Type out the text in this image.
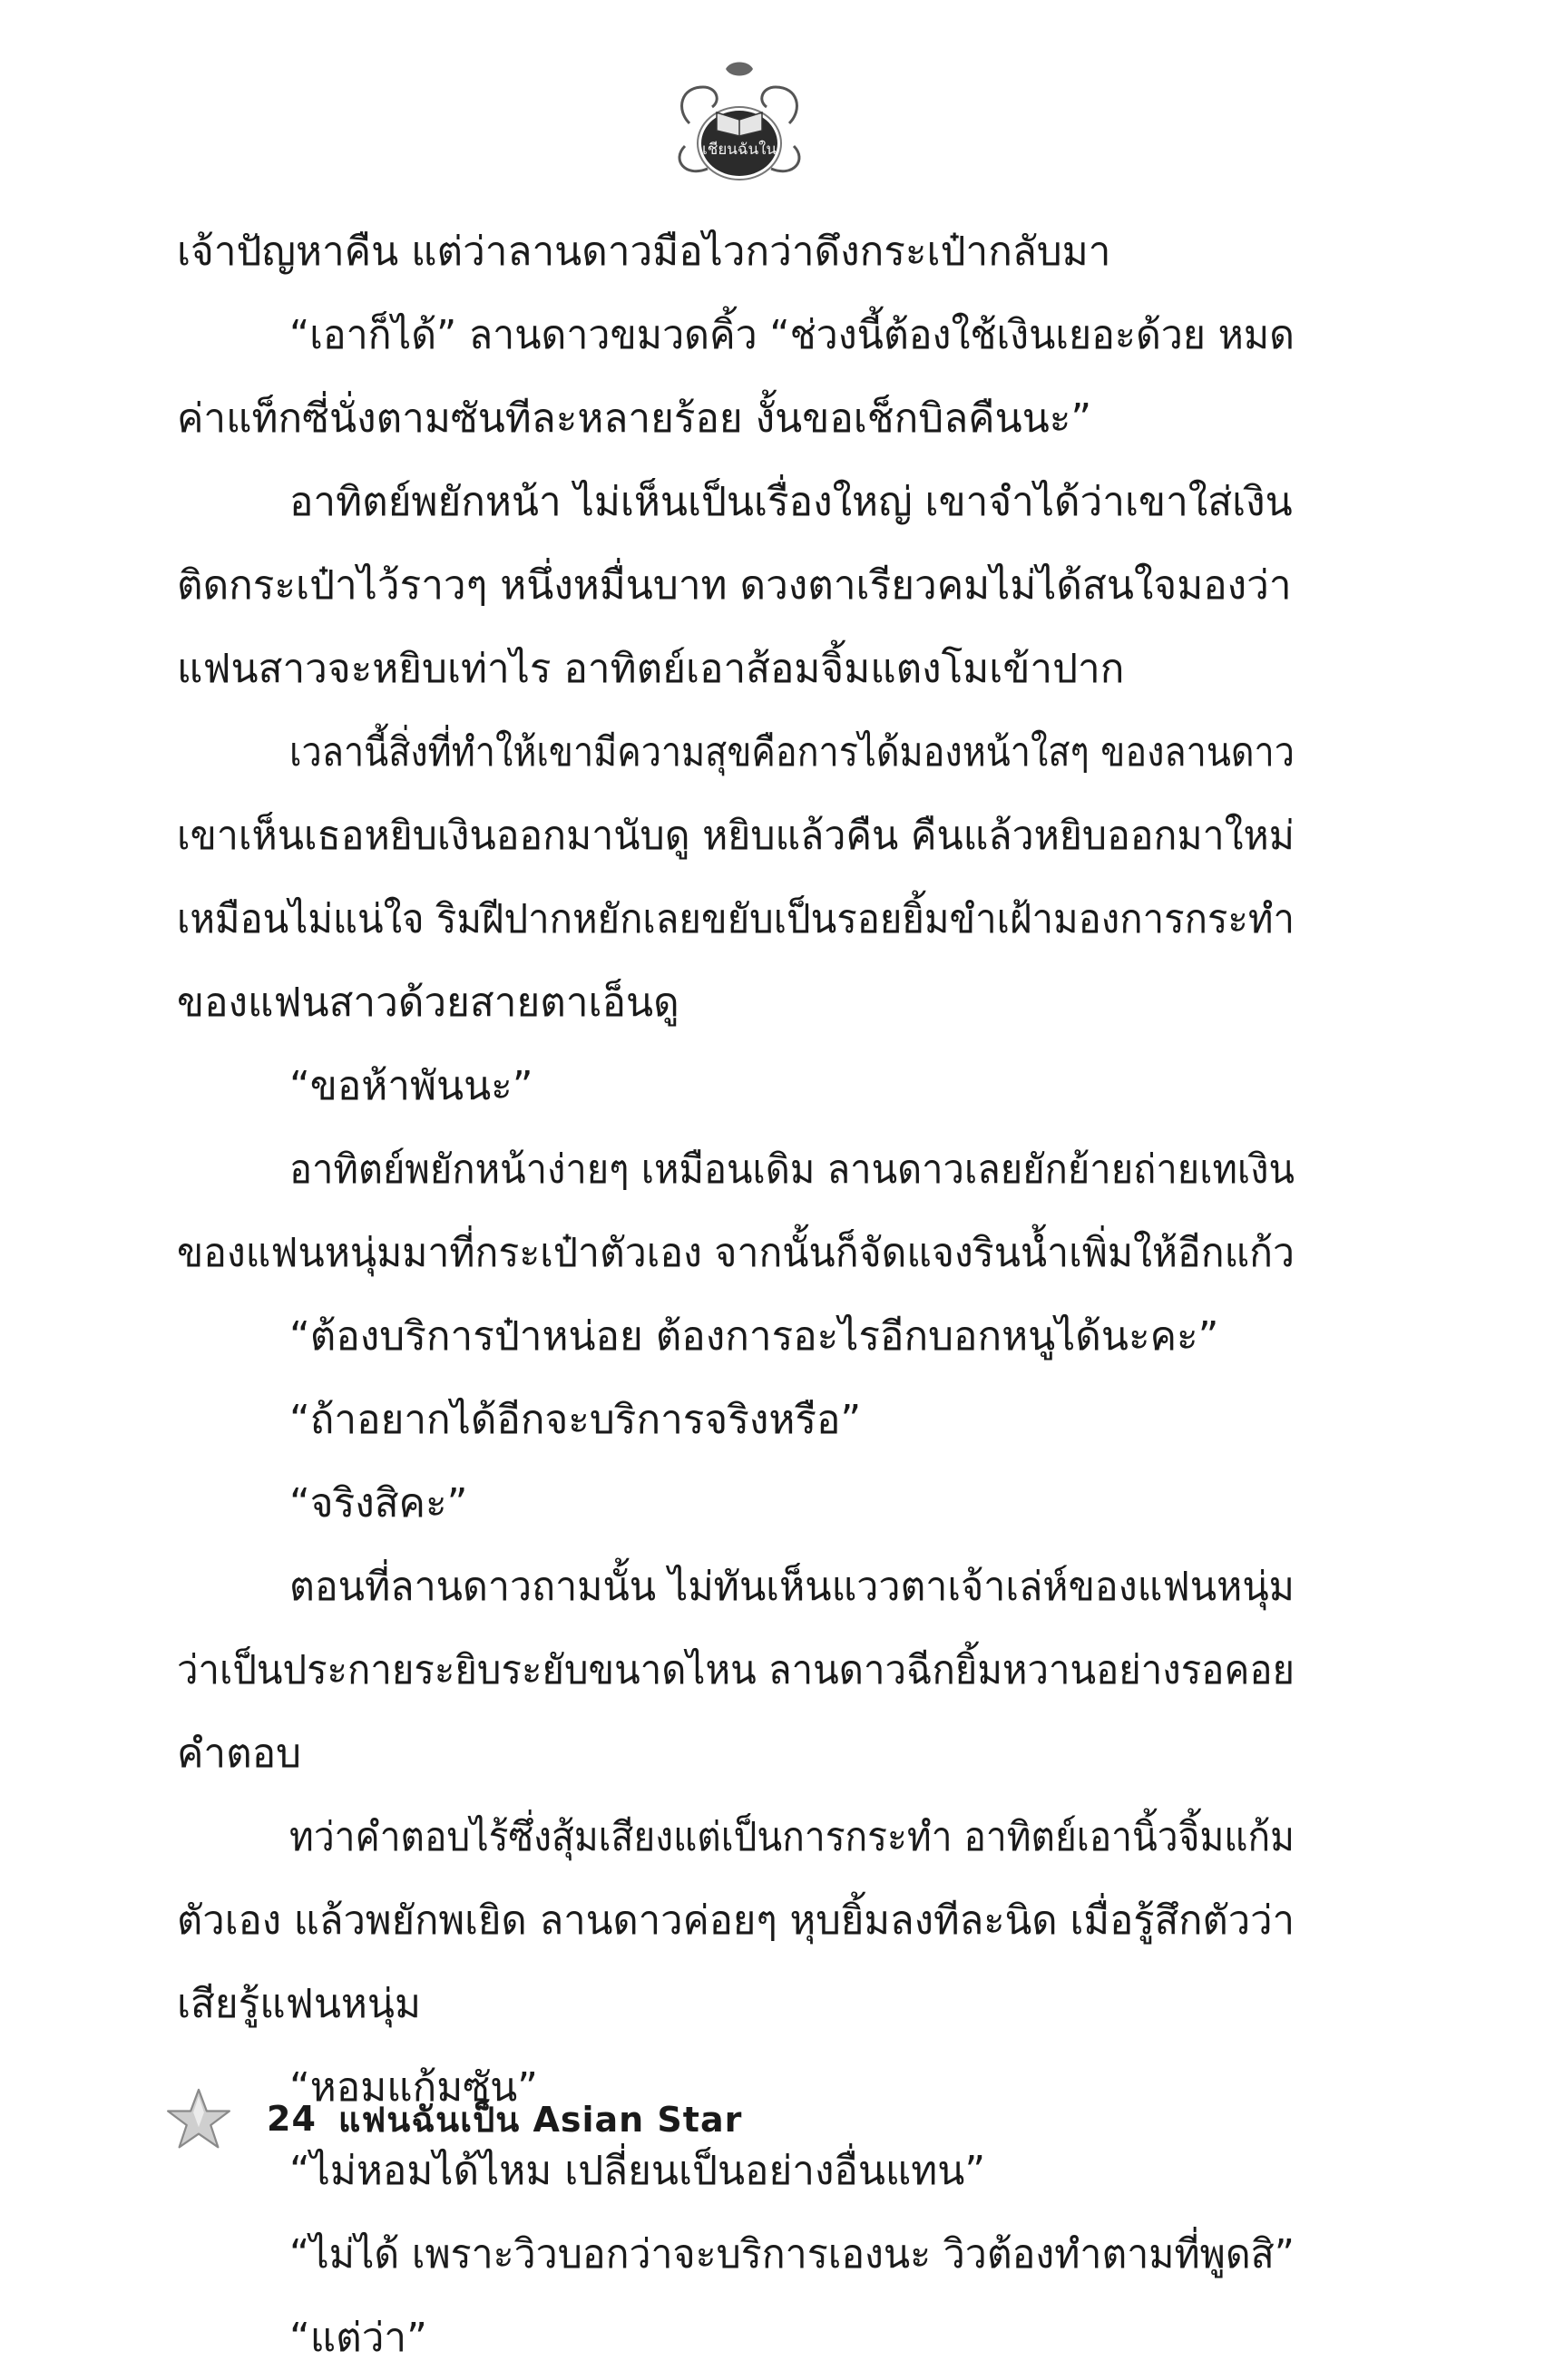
เชียนฉันใน
เจ้าปัญหาคืน แต่ว่าลานดาวมือไวกว่าดึงกระเป๋ากลับมา
“เอาก็ได้” ลานดาวขมวดคิ้ว “ช่วงนี้ต้องใช้เงินเยอะด้วย หมด
ค่าแท็กซี่นั่งตามซันทีละหลายร้อย งั้นขอเช็กบิลคืนนะ”
อาทิตย์พยักหน้า ไม่เห็นเป็นเรื่องใหญ่ เขาจำได้ว่าเขาใส่เงิน
ติดกระเป๋าไว้ราวๆ หนึ่งหมื่นบาท ดวงตาเรียวคมไม่ได้สนใจมองว่า
แฟนสาวจะหยิบเท่าไร อาทิตย์เอาส้อมจิ้มแตงโมเข้าปาก
เวลานี้สิ่งที่ทำให้เขามีความสุขคือการได้มองหน้าใสๆ ของลานดาว
เขาเห็นเธอหยิบเงินออกมานับดู หยิบแล้วคืน คืนแล้วหยิบออกมาใหม่
เหมือนไม่แน่ใจ ริมฝีปากหยักเลยขยับเป็นรอยยิ้มขำเฝ้ามองการกระทำ
ของแฟนสาวด้วยสายตาเอ็นดู
“ขอห้าพันนะ”
อาทิตย์พยักหน้าง่ายๆ เหมือนเดิม ลานดาวเลยยักย้ายถ่ายเทเงิน
ของแฟนหนุ่มมาที่กระเป๋าตัวเอง จากนั้นก็จัดแจงรินน้ำเพิ่มให้อีกแก้ว
“ต้องบริการป๋าหน่อย ต้องการอะไรอีกบอกหนูได้นะคะ”
“ถ้าอยากได้อีกจะบริการจริงหรือ”
“จริงสิคะ”
ตอนที่ลานดาวถามนั้น ไม่ทันเห็นแววตาเจ้าเล่ห์ของแฟนหนุ่ม
ว่าเป็นประกายระยิบระยับขนาดไหน ลานดาวฉีกยิ้มหวานอย่างรอคอย
คำตอบ
ทว่าคำตอบไร้ซึ่งสุ้มเสียงแต่เป็นการกระทำ อาทิตย์เอานิ้วจิ้มแก้ม
ตัวเอง แล้วพยักพเยิด ลานดาวค่อยๆ หุบยิ้มลงทีละนิด เมื่อรู้สึกตัวว่า
เสียรู้แฟนหนุ่ม
“หอมแก้มซัน”
“ไม่หอมได้ไหม เปลี่ยนเป็นอย่างอื่นแทน”
“ไม่ได้ เพราะวิวบอกว่าจะบริการเองนะ วิวต้องทำตามที่พูดสิ”
“แต่ว่า”
24 แฟนฉันเป็น Asian Star
